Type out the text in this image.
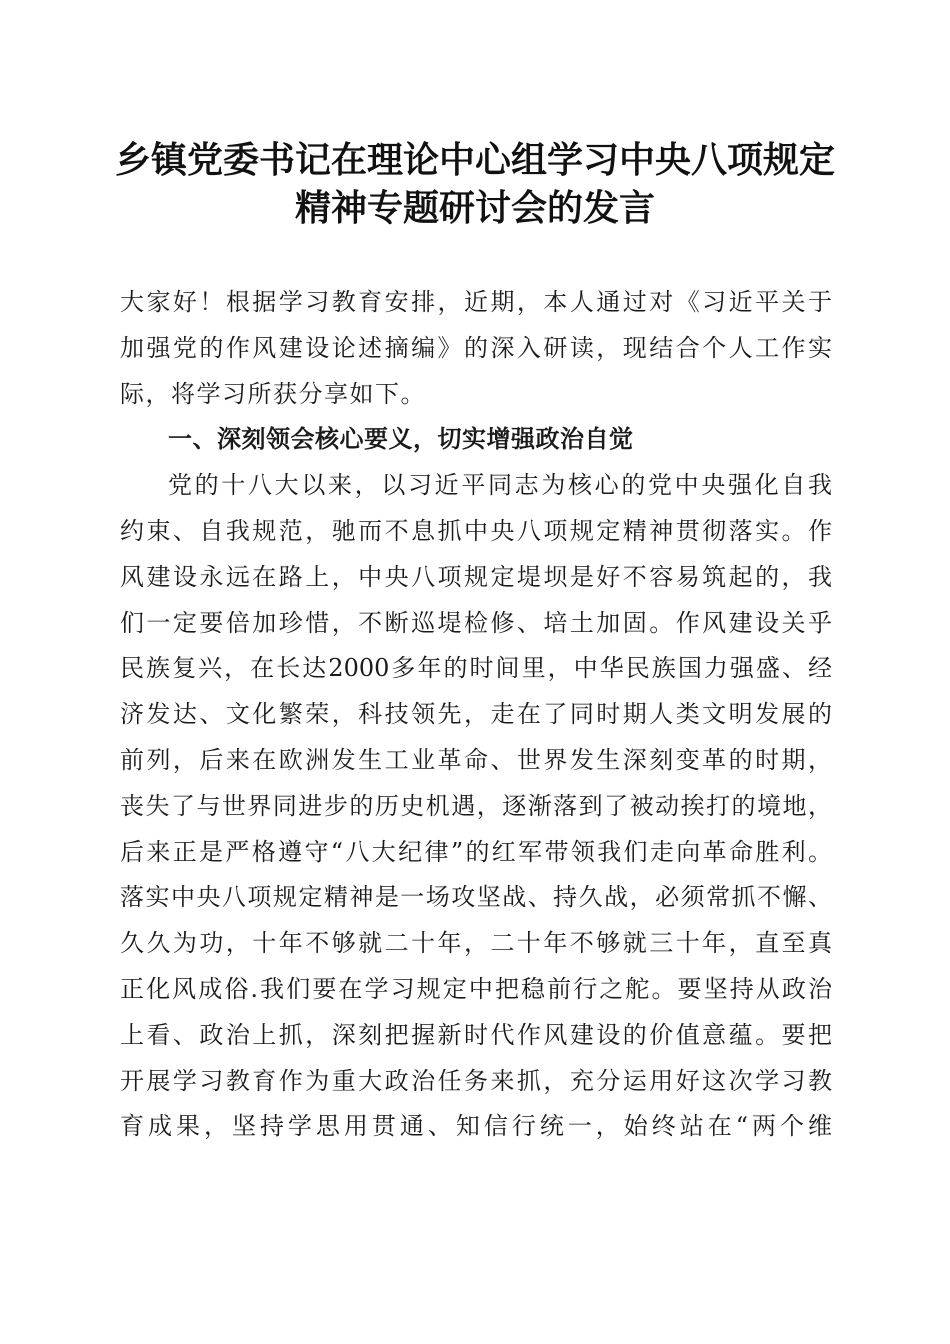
乡镇党委书记在理论中心组学习中央八项规定
精神专题研讨会的发言
大家好！根据学习教育安排，近期，本人通过对《习近平关于
加强党的作风建设论述摘编》的深入研读，现结合个人工作实
际，将学习所获分享如下。
一、深刻领会核心要义，切实增强政治自觉
党的十八大以来，以习近平同志为核心的党中央强化自我
约束、自我规范，驰而不息抓中央八项规定精神贯彻落实。作
风建设永远在路上，中央八项规定堤坝是好不容易筑起的，我
们一定要倍加珍惜，不断巡堤检修、培土加固。作风建设关乎
民族复兴，在长达2000多年的时间里，中华民族国力强盛、经
济发达、文化繁荣，科技领先，走在了同时期人类文明发展的
前列，后来在欧洲发生工业革命、世界发生深刻变革的时期，
丧失了与世界同进步的历史机遇，逐渐落到了被动挨打的境地，
后来正是严格遵守“八大纪律”的红军带领我们走向革命胜利。
落实中央八项规定精神是一场攻坚战、持久战，必须常抓不懈、
久久为功，十年不够就二十年，二十年不够就三十年，直至真
正化风成俗.我们要在学习规定中把稳前行之舵。要坚持从政治
上看、政治上抓，深刻把握新时代作风建设的价值意蕴。要把
开展学习教育作为重大政治任务来抓，充分运用好这次学习教
育成果，坚持学思用贯通、知信行统一，始终站在“两个维
